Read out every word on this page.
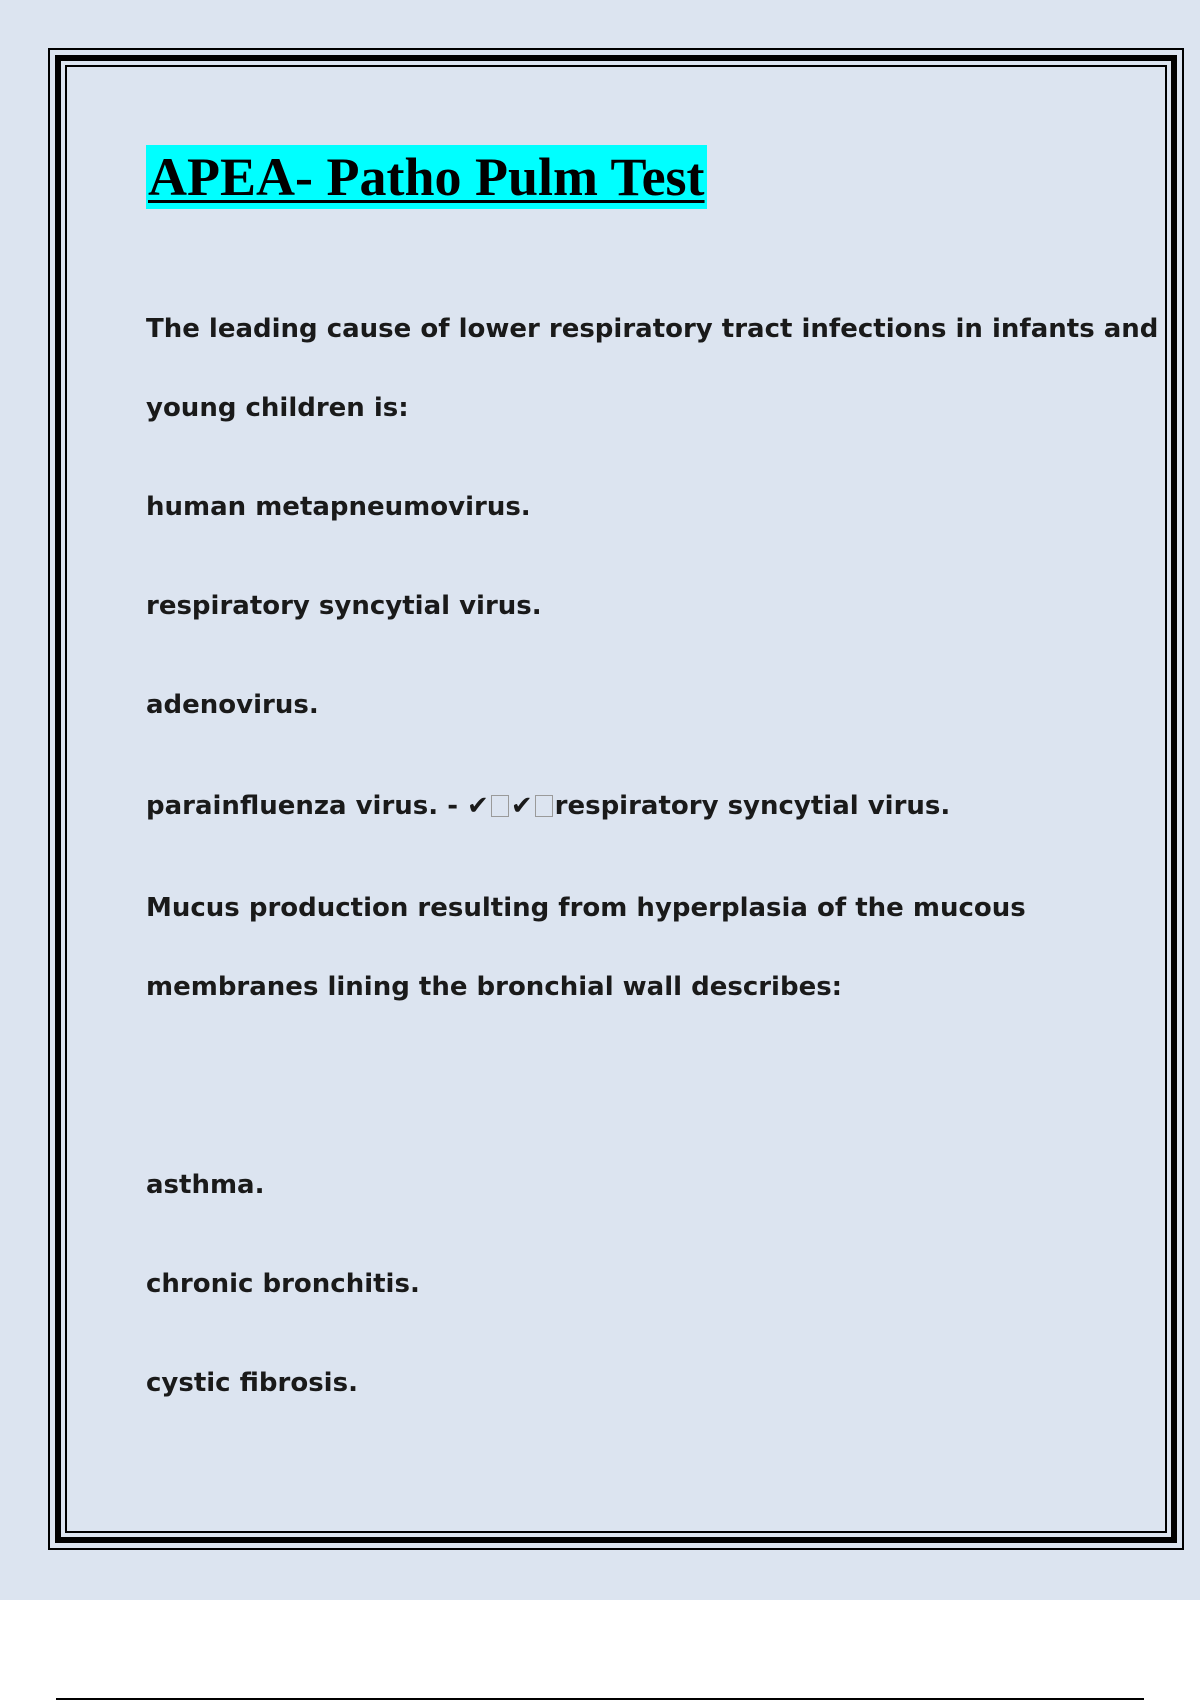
APEA- Patho Pulm Test

The leading cause of lower respiratory tract infections in infants and

young children is:

human metapneumovirus.

respiratory syncytial virus.

adenovirus.

parainfluenza virus. - ✔ ✔ respiratory syncytial virus.

Mucus production resulting from hyperplasia of the mucous

membranes lining the bronchial wall describes:

asthma.

chronic bronchitis.

cystic fibrosis.
